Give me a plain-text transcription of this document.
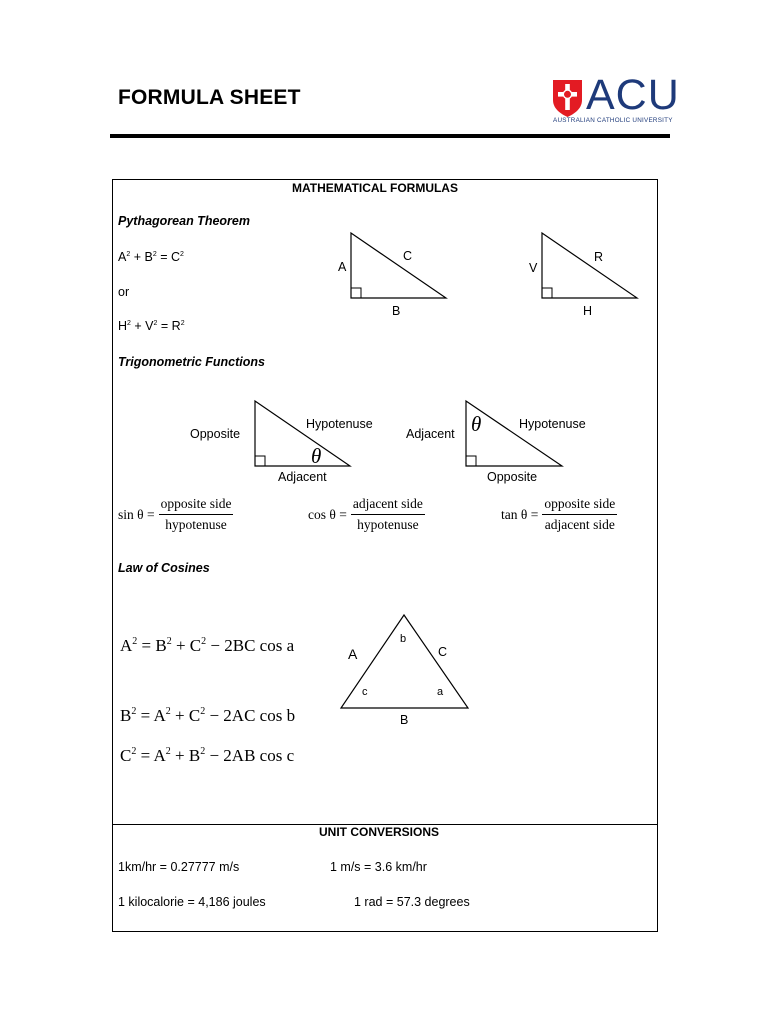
FORMULA SHEET	ACU
AUSTRALIAN CATHOLIC UNIVERSITY
MATHEMATICAL FORMULAS
Pythagorean Theorem
$A^2 + B^2 = C^2$
or
$H^2 + V^2 = R^2$
A
C
B
V
R
H
Trigonometric Functions
Opposite
Hypotenuse
Adjacent
θ
Adjacent
Hypotenuse
Opposite
θ
$\sin \theta = \frac{\text{opposite side}}{\text{hypotenuse}}$	$\cos \theta = \frac{\text{adjacent side}}{\text{hypotenuse}}$	$\tan \theta = \frac{\text{opposite side}}{\text{adjacent side}}$
Law of Cosines
$A^2 = B^2 + C^2 - 2BC$ cos a
$B^2 = A^2 + C^2 - 2AC$ cos b
$C^2 = A^2 + B^2 - 2AB$ cos c
A	C
B
b
c	a
UNIT CONVERSIONS
1km/hr = 0.27777 m/s	1 m/s = 3.6 km/hr
1 kilocalorie = 4,186 joules	1 rad = 57.3 degrees
